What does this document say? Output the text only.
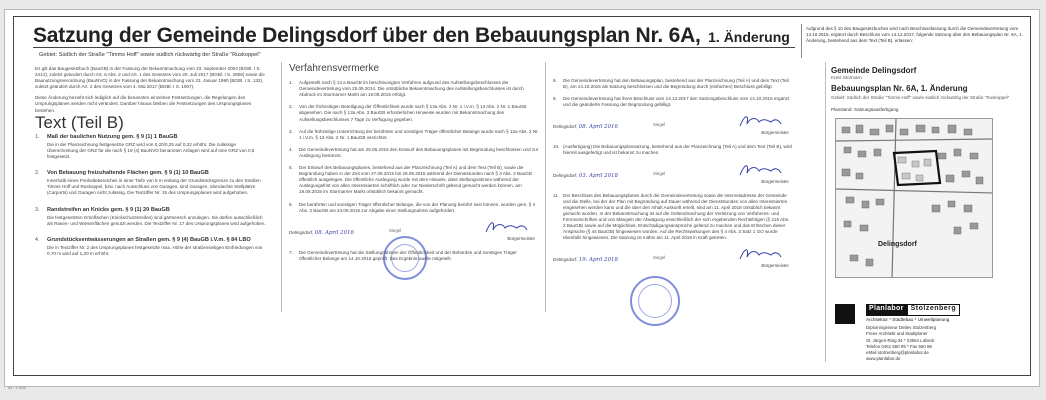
Satzung der Gemeinde Delingsdorf über den Bebauungsplan Nr. 6A, 1. Änderung
Gebiet: Südlich der Straße "Timms Hoff" sowie südlich rückwärtig der Straße "Ruskoppel"
Aufgrund des § 10 des Baugesetzbuches wird nach Beschlussfassung durch die Gemeindevertretung vom 14.10.2015, ergänzt durch Beschluss vom 14.12.2017, folgende Satzung über den Bebauungsplan Nr. 6A, 1. Änderung, bestehend aus dem Text (Teil B), erlassen:

Es gilt das Baugesetzbuch (BauGB) in der Fassung der Bekanntmachung vom 23. September 2004 (BGBl. I S. 2414), zuletzt geändert durch Art. 6 Abs. 2 und Art. 1 des Gesetzes vom 20. Juli 2017 (BGBl. I S. 2808) sowie die Baunutzungsverordnung (BauNVO) in der Fassung der Bekanntmachung vom 23. Januar 1990 (BGBl. I S. 132), zuletzt geändert durch Art. 2 des Gesetzes vom 4. Mai 2017 (BGBl. I S. 1057).

Diese Änderung bezieht sich lediglich auf die benannten einzelnen Festsetzungen, die Regelungen des Ursprungsplanes werden nicht verändert. Darüber hinaus bleiben die Festsetzungen des Ursprungsplanes bestehen.

Text (Teil B)
1. Maß der baulichen Nutzung gem. § 9 (1) 1 BauGB
Die in der Planzeichnung festgesetzte GRZ wird von 0,20/0,25 auf 0,32 erhöht. Die zulässige Überschreitung der GRZ für die nach § 19 (4) BauNVO benannten Anlagen wird auf eine GRZ von 0,5 festgesetzt.
2. Von Bebauung freizuhaltende Flächen gem. § 9 (1) 10 BauGB
Innerhalb eines Freihaltebereiches in einer Tiefe von 5 m entlang der Grundstücksgrenze zu den Straßen Timms Hoff und Ruskoppel, bzw. nach Ausschluss von Garagen, sind Garagen, überdachte Stellplätze (Carports) und Garagen nicht zulässig. Die Textziffer Nr. 15 des Ursprungsplanes wird aufgehoben.
3. Randstreifen an Knicks gem. § 9 (1) 20 BauGB
Die festgesetzten Grünflächen (Knickschutzstreifen) sind gärtnerisch anzulegen. Sie dürfen ausschließlich als Rasen- und Wiesenflächen genutzt werden. Die Textziffer Nr. 17 des Ursprungsplanes wird aufgehoben.
4. Grundstücksentwässerungen an Straßen gem. § 9 (4) BauGB i.V.m. § 84 LBO
Die in Textziffer Nr. 2 des Ursprungsplanes festgesetzte max. Höhe der straßenseitigen Einfriedungen von 0,70 m wird auf 1,20 m erhöht.
Verfahrensvermerke
1. Aufgestellt nach § 13 a BauGB im beschleunigten Verfahren aufgrund des Aufstellungsbeschlusses der Gemeindevertretung vom 25.06.2014. Die ortsübliche Bekanntmachung des Aufstellungsbeschlusses ist durch Abdruck im Stormarner Markt am 19.08.2015 erfolgt.
2. Von der frühzeitigen Beteiligung der Öffentlichkeit wurde nach § 13a Abs. 2 Nr. 1 i.V.m. § 13 Abs. 2 Nr. 1 BauGB abgesehen. Die nach § 13a Abs. 3 BauGB erforderlichen Hinweise wurden mit Bekanntmachung des Aufstellungsbeschlusses 7 Tage zu Verfügung gegeben.
3. Auf die frühzeitige Unterrichtung der berührten und sonstigen Träger öffentlicher Belange wurde nach § 13a Abs. 2 Nr. 1 i.V.m. § 13 Abs. 2 Nr. 1 BauGB verzichtet.
4. Die Gemeindevertretung hat am 25.06.2015 den Entwurf des Bebauungsplanes mit Begründung beschlossen und zur Auslegung bestimmt.
5. Der Entwurf des Bebauungsplanes, bestehend aus der Planzeichnung (Teil A) und dem Text (Teil B), sowie die Begründung haben in der Zeit vom 27.08.2015 bis 28.09.2015 während der Dienststunden nach § 3 Abs. 2 BauGB öffentlich ausgelegen. Die öffentliche Auslegung wurde mit dem Hinweis, dass Stellungnahmen während der Auslegungsfrist von allen Interessierten schriftlich oder zur Niederschrift geltend gemacht werden können, am 19.08.2015 im Stormarner Markt ortsüblich bekannt gemacht.
6. Die berührten und sonstigen Träger öffentlicher Belange, die von der Planung berührt sein können, wurden gem. § 4 Abs. 2 BauGB am 24.08.2015 zur Abgabe einer Stellungnahme aufgefordert.
Delingsdorf, 08. April 2016	Siegel
Bürgermeister
7. Die Gemeindevertretung hat die Stellungnahmen der Öffentlichkeit und der Behörden und sonstigen Träger öffentlicher Belange am 14.10.2015 geprüft. Das Ergebnis wurde mitgeteilt.
8. Die Gemeindevertretung hat den Bebauungsplan, bestehend aus der Planzeichnung (Teil A) und dem Text (Teil B), am 14.10.2015 als Satzung beschlossen und die Begründung durch (einfachen) Beschluss gebilligt.
9. Die Gemeindevertretung hat ihren Beschluss vom 14.12.2017 den Satzungsbeschluss vom 14.10.2015 ergänzt und die geänderte Fassung der Begründung gebilligt.
Delingsdorf, 08. April 2016	Siegel
Bürgermeister
10. (Ausfertigung) Die Bebauungsplansatzung, bestehend aus der Planzeichnung (Teil A) und dem Text (Teil B), wird hiermit ausgefertigt und ist bekannt zu machen.
Delingsdorf, 03. April 2018	Siegel
Bürgermeister
11. Der Beschluss des Bebauungsplanes durch die Gemeindevertretung sowie die Internetadresse der Gemeinde und die Stelle, bei der der Plan mit Begründung auf Dauer während der Dienststunden von allen Interessierten eingesehen werden kann und die über den Inhalt Auskunft erteilt, sind am 11. April 2018 ortsüblich bekannt gemacht worden. In der Bekanntmachung ist auf die Geltendmachung der Verletzung von Verfahrens- und Formvorschriften und von Mängeln der Abwägung einschließlich der sich ergebenden Rechtsfolgen (§ 215 Abs. 2 BauGB) sowie auf die Möglichkeit, Entschädigungsansprüche geltend zu machen und das Erlöschen dieser Ansprüche (§ 44 BauGB) hingewiesen worden. Auf die Rechtswirkungen des § 4 Abs. 3 Satz 1 GO wurde ebenfalls hingewiesen. Die Satzung ist mithin am 11. April 2018 in Kraft getreten.
Delingsdorf, 19. April 2018	Siegel
Bürgermeister
Gemeinde Delingsdorf
Kreis Stormarn
Bebauungsplan Nr. 6A, 1. Änderung
Gebiet: Südlich der Straße "Timms Hoff" sowie südlich rückwärtig der Straße "Ruskoppel"
Planstand: Satzungsausfertigung
Delingsdorf
Planlabor	Stolzenberg
Architektur * Städtebau * Umweltplanung
Diplomingenieur Detlev Stolzenberg
Freier Architekt und Stadtplaner
St. Jürgen-Ring 34 * 23564 Lübeck
Telefon 0451 550 95 * Fax 550 96
eMail stolzenberg@planlabor.de
www.planlabor.de
A4 - 1:1000
